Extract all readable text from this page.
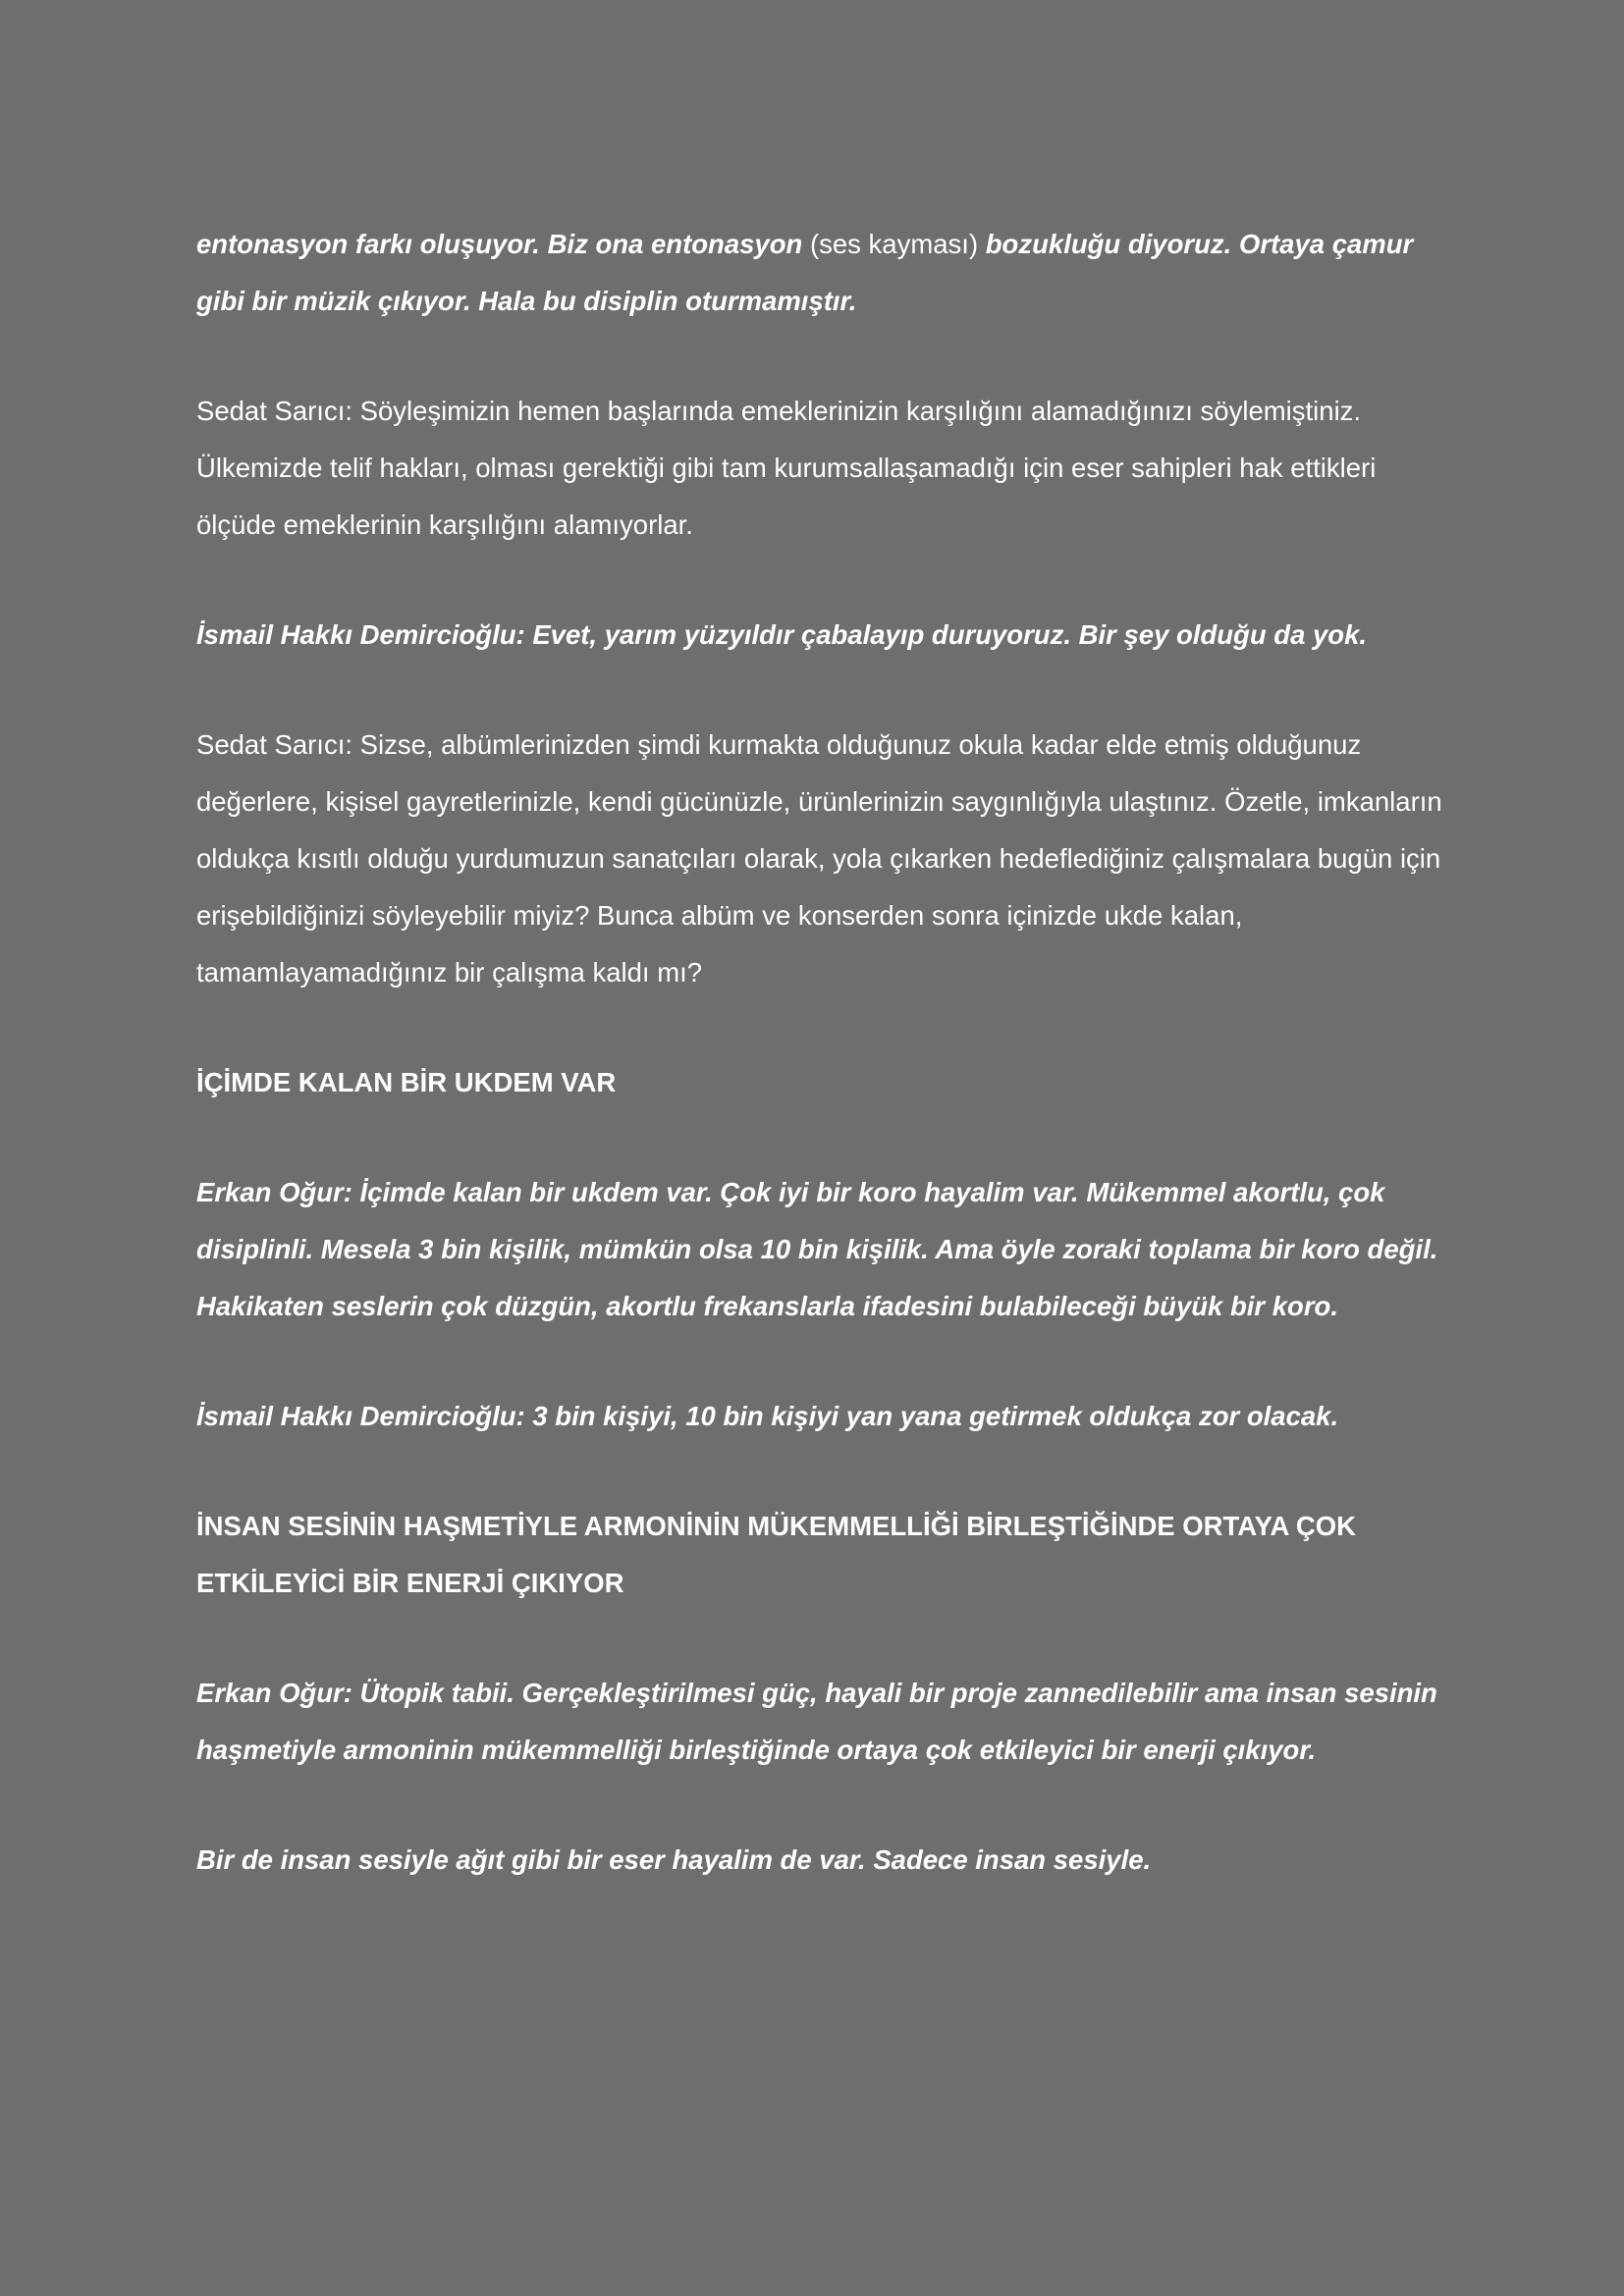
entonasyon farkı oluşuyor. Biz ona entonasyon (ses kayması) bozukluğu diyoruz. Ortaya çamur gibi bir müzik çıkıyor. Hala bu disiplin oturmamıştır.

Sedat Sarıcı: Söyleşimizin hemen başlarında emeklerinizin karşılığını alamadığınızı söylemiştiniz. Ülkemizde telif hakları, olması gerektiği gibi tam kurumsallaşamadığı için eser sahipleri hak ettikleri ölçüde emeklerinin karşılığını alamıyorlar.

İsmail Hakkı Demircioğlu: Evet, yarım yüzyıldır çabalayıp duruyoruz. Bir şey olduğu da yok.

Sedat Sarıcı: Sizse, albümlerinizden şimdi kurmakta olduğunuz okula kadar elde etmiş olduğunuz değerlere, kişisel gayretlerinizle, kendi gücünüzle, ürünlerinizin saygınlığıyla ulaştınız. Özetle, imkanların oldukça kısıtlı olduğu yurdumuzun sanatçıları olarak, yola çıkarken hedeflediğiniz çalışmalara bugün için erişebildiğinizi söyleyebilir miyiz? Bunca albüm ve konserden sonra içinizde ukde kalan, tamamlayamadığınız bir çalışma kaldı mı?

İÇİMDE KALAN BİR UKDEM VAR

Erkan Oğur: İçimde kalan bir ukdem var. Çok iyi bir koro hayalim var. Mükemmel akortlu, çok disiplinli. Mesela 3 bin kişilik, mümkün olsa 10 bin kişilik. Ama öyle zoraki toplama bir koro değil. Hakikaten seslerin çok düzgün, akortlu frekanslarla ifadesini bulabileceği büyük bir koro.

İsmail Hakkı Demircioğlu: 3 bin kişiyi, 10 bin kişiyi yan yana getirmek oldukça zor olacak.

İNSAN SESİNİN HAŞMETİYLE ARMONİNİN MÜKEMMELLİĞİ BİRLEŞTİĞİNDE ORTAYA ÇOK ETKİLEYİCİ BİR ENERJİ ÇIKIYOR

Erkan Oğur: Ütopik tabii. Gerçekleştirilmesi güç, hayali bir proje zannedilebilir ama insan sesinin haşmetiyle armoninin mükemmelliği birleştiğinde ortaya çok etkileyici bir enerji çıkıyor.

Bir de insan sesiyle ağıt gibi bir eser hayalim de var. Sadece insan sesiyle.
